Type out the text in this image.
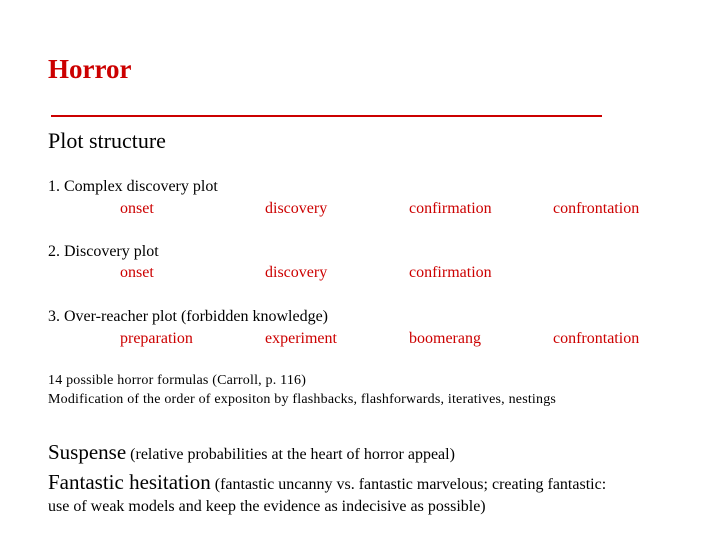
Horror
Plot structure
1. Complex discovery plot
onset	discovery	confirmation	confrontation
2. Discovery plot
onset	discovery	confirmation
3. Over-reacher plot (forbidden knowledge)
preparation	experiment	boomerang	confrontation
14 possible horror formulas (Carroll, p. 116)
Modification of the order of expositon by flashbacks, flashforwards, iteratives, nestings
Suspense (relative probabilities at the heart of horror appeal)
Fantastic hesitation (fantastic uncanny vs. fantastic marvelous; creating fantastic:
use of weak models and keep the evidence as indecisive as possible)
